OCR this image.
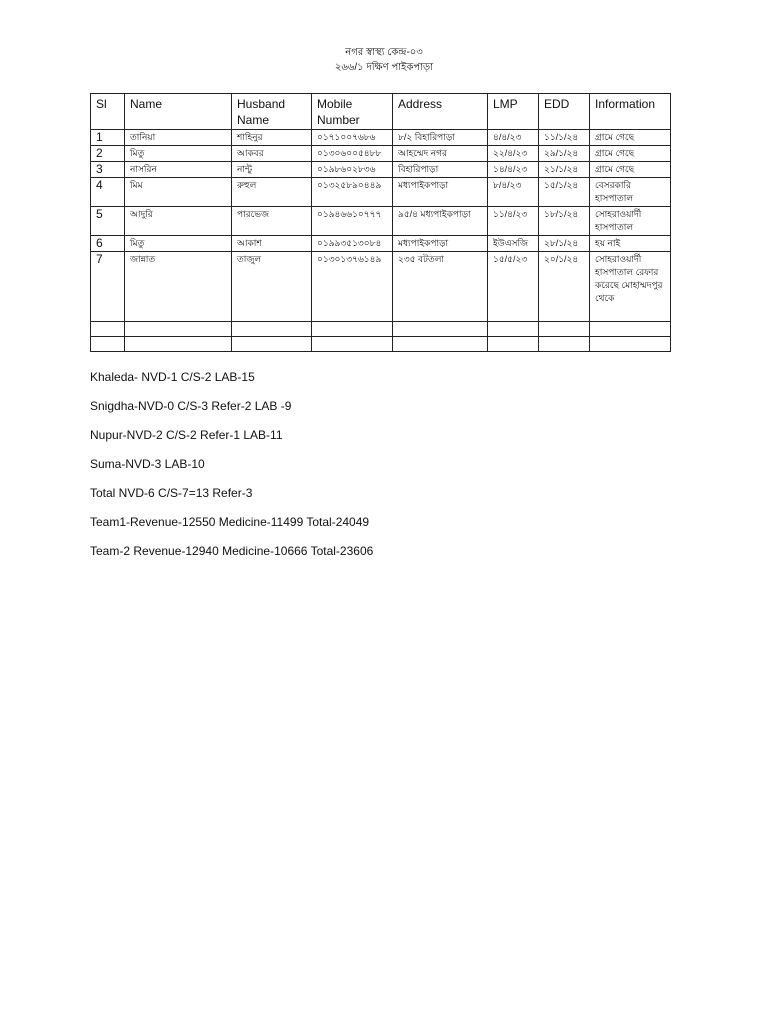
নগর স্বাস্থ্য কেন্দ্র-০৩
২৬৬/১ দক্ষিণ পাইকপাড়া
Sl	Name	Husband Name	Mobile Number	Address	LMP	EDD	Information
1	তানিয়া	শাহিনুর	০১৭১০০৭৬৮৬	৮/২ বিহারিপাড়া	৪/৪/২৩	১১/১/২৪	গ্রামে গেছে
2	মিতু	আকবর	০১৩০৬০০৫৪৮৮	আহম্মেদ নগর	২২/৪/২৩	২৯/১/২৪	গ্রামে গেছে
3	নাসরিন	নান্টু	০১৯৮৬০২৮৩৬	বিহারিপাড়া	১৪/৪/২৩	২১/১/২৪	গ্রামে গেছে
4	মিম	রুহুল	০১৩২৫৮৯০৪৪৯	মধ্যপাইকপাড়া	৮/৪/২৩	১৫/১/২৪	বেসরকারি হাসপাতাল
5	আদুরি	পারভেজ	০১৯৪৬৬১০৭৭৭	৯৫/৪ মধ্যপাইকপাড়া	১১/৪/২৩	১৮/১/২৪	সোহরাওয়ার্দী হাসপাতাল
6	মিতু	আকাশ	০১৯৯৩৫১৩০৮৪	মধ্যপাইকপাড়া	ইউএসজি	২৮/১/২৪	হয় নাই
7	জান্নাত	তাজুল	০১৩০১৩৭৬১৪৯	২৩৫ বটতলা	১৫/৫/২৩	২০/১/২৪	সোহরাওয়ার্দী হাসপাতাল রেফার করেছে মোহাম্মদপুর থেকে

Khaleda- NVD-1 C/S-2 LAB-15

Snigdha-NVD-0 C/S-3 Refer-2 LAB -9

Nupur-NVD-2 C/S-2 Refer-1 LAB-11

Suma-NVD-3 LAB-10

Total NVD-6 C/S-7=13 Refer-3

Team1-Revenue-12550 Medicine-11499 Total-24049

Team-2 Revenue-12940 Medicine-10666 Total-23606
